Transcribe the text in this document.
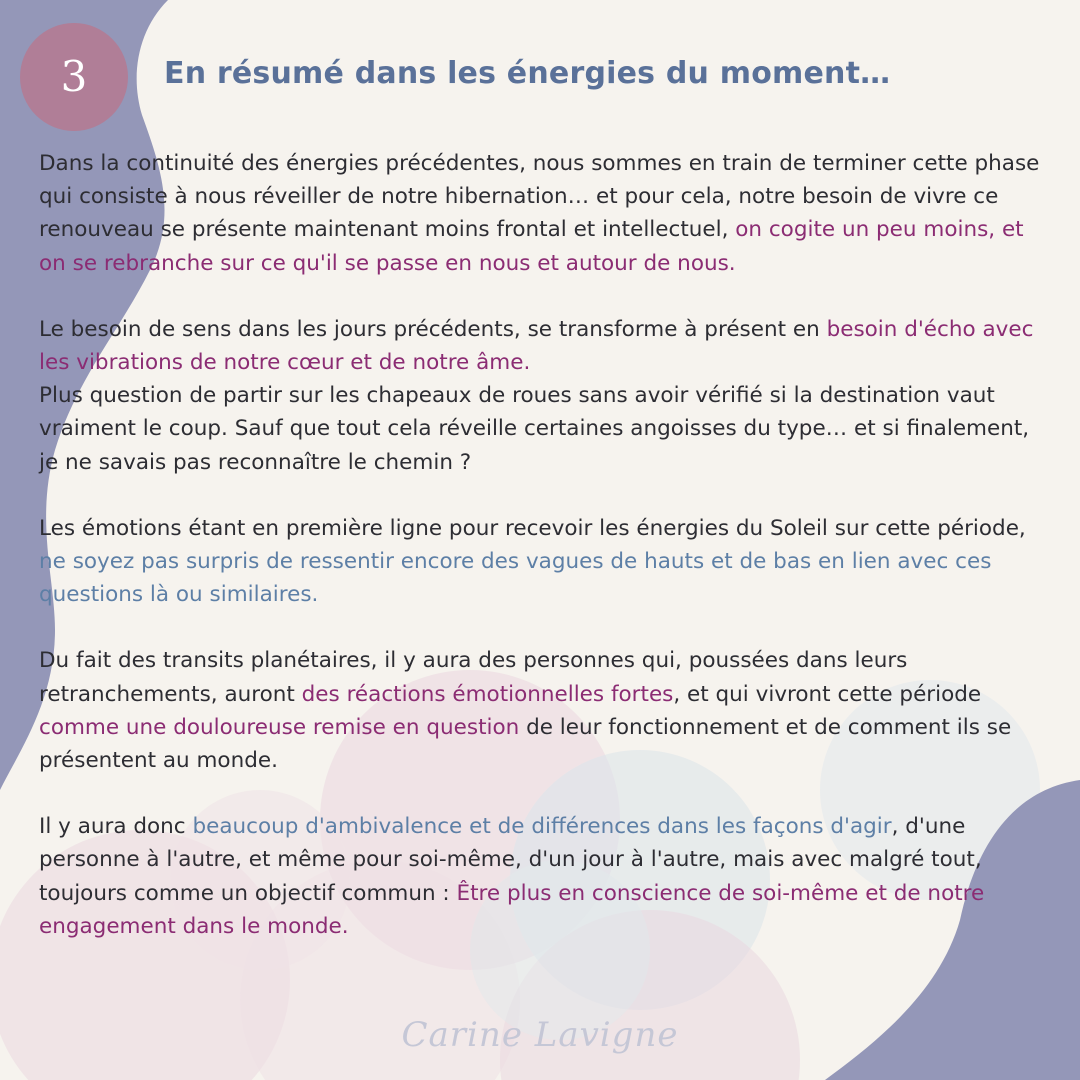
3	En résumé dans les énergies du moment…

Dans la continuité des énergies précédentes, nous sommes en train de terminer cette phase qui consiste à nous réveiller de notre hibernation… et pour cela, notre besoin de vivre ce renouveau se présente maintenant moins frontal et intellectuel, on cogite un peu moins, et on se rebranche sur ce qu'il se passe en nous et autour de nous.

Le besoin de sens dans les jours précédents, se transforme à présent en besoin d'écho avec les vibrations de notre cœur et de notre âme.

Plus question de partir sur les chapeaux de roues sans avoir vérifié si la destination vaut vraiment le coup. Sauf que tout cela réveille certaines angoisses du type… et si finalement, je ne savais pas reconnaître le chemin ?

Les émotions étant en première ligne pour recevoir les énergies du Soleil sur cette période, ne soyez pas surpris de ressentir encore des vagues de hauts et de bas en lien avec ces questions là ou similaires.

Du fait des transits planétaires, il y aura des personnes qui, poussées dans leurs retranchements, auront des réactions émotionnelles fortes, et qui vivront cette période comme une douloureuse remise en question de leur fonctionnement et de comment ils se présentent au monde.

Il y aura donc beaucoup d'ambivalence et de différences dans les façons d'agir, d'une personne à l'autre, et même pour soi-même, d'un jour à l'autre, mais avec malgré tout, toujours comme un objectif commun : Être plus en conscience de soi-même et de notre engagement dans le monde.

Carine Lavigne
